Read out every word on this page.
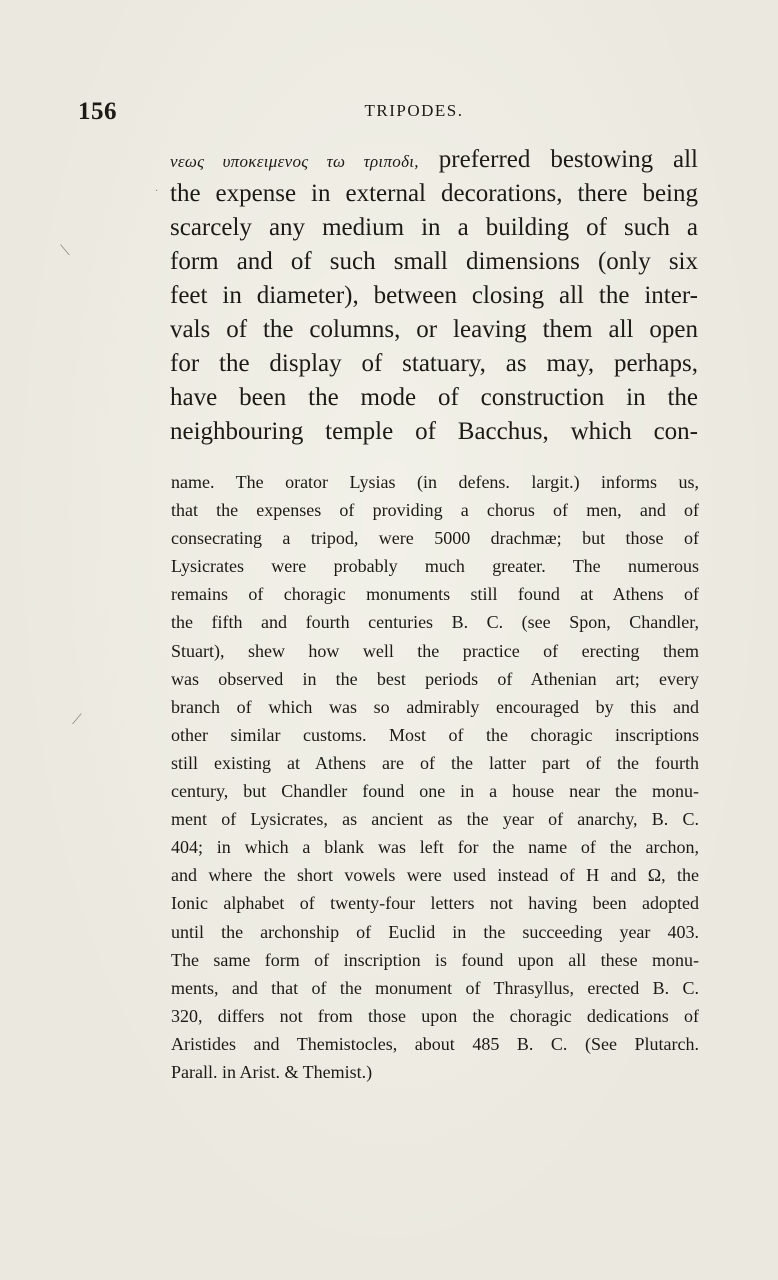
156	TRIPODES.
νεως υποκειμενος τω τριποδι, preferred bestowing all
the expense in external decorations, there being
scarcely any medium in a building of such a
form and of such small dimensions (only six
feet in diameter), between closing all the inter-
vals of the columns, or leaving them all open
for the display of statuary, as may, perhaps,
have been the mode of construction in the
neighbouring temple of Bacchus, which con-
name. The orator Lysias (in defens. largit.) informs us,
that the expenses of providing a chorus of men, and of
consecrating a tripod, were 5000 drachmæ; but those of
Lysicrates were probably much greater. The numerous
remains of choragic monuments still found at Athens of
the fifth and fourth centuries B. C. (see Spon, Chandler,
Stuart), shew how well the practice of erecting them
was observed in the best periods of Athenian art; every
branch of which was so admirably encouraged by this and
other similar customs. Most of the choragic inscriptions
still existing at Athens are of the latter part of the fourth
century, but Chandler found one in a house near the monu-
ment of Lysicrates, as ancient as the year of anarchy, B. C.
404; in which a blank was left for the name of the archon,
and where the short vowels were used instead of H and Ω, the
Ionic alphabet of twenty-four letters not having been adopted
until the archonship of Euclid in the succeeding year 403.
The same form of inscription is found upon all these monu-
ments, and that of the monument of Thrasyllus, erected B. C.
320, differs not from those upon the choragic dedications of
Aristides and Themistocles, about 485 B. C. (See Plutarch.
Parall. in Arist. & Themist.)
⟍
⟋
·
